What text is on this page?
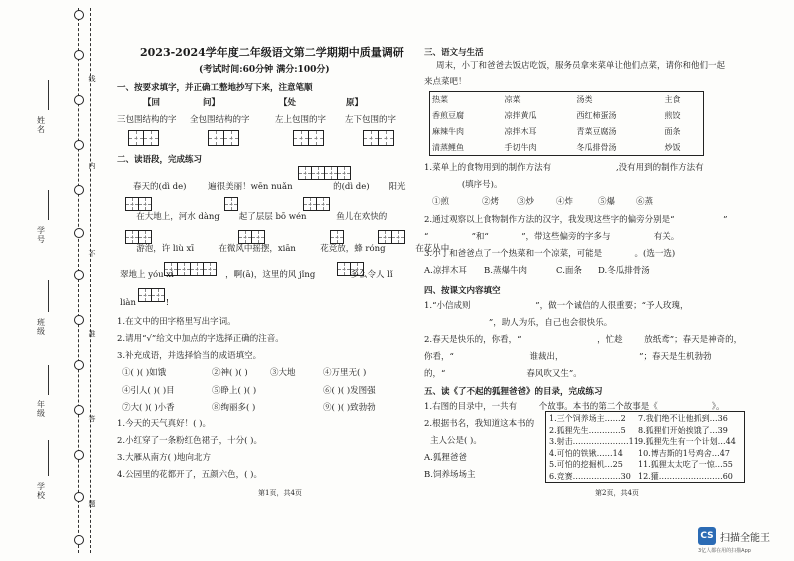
线
内
不
准
答
题
姓名
学号
班级
年级
学校
2023-2024学年度二年级语文第二学期期中质量调研
(考试时间:60分钟 满分:100分)
一、按要求填字，并正确工整地抄写下来，注意笔顺
【回	问】	【处	原】
三包围结构的字 全包围结构的字	左上包围的字 左下包围的字
二、读语段，完成练习
春天的(dì de)        遍很美丽！wēn nuǎn               的(dì de)       阳光
在大地上，河水 dàng       起了层层 bō wén           鱼儿在欢快的
游泡，许 liù xī         在微风中摇摆，xiān         花竞放，蜂 róng           在花丛中
翠地上 yóu xì                   ，啊(ā)，这里的风 jǐng             多么令人 lǐ
liàn           !
1.在文中的田字格里写出字词。
2.请用“√”给文中加点的字选择正确的注音。
3.补充成语，并选择恰当的成语填空。
①( )( )如饿	②神( )( )	③大地	④万里无( )
④引人( )( )目	⑤睁上( )( )	⑥( )( )发图强
⑦大( )( )小香	⑧绚丽多( )	⑨( )( )致勃勃
1.今天的天气真好！( )。
2.小红穿了一条粉红色裙子，十分( )。
3.大雁从南方( )地向北方
4.公园里的花都开了，五颜六色，( )。
第1页，共4页
三、语文与生活
周末，小丁和爸爸去饭店吃饭，服务员拿来菜单让他们点菜，请你和他们一起
来点菜吧！
热菜	凉菜	汤类	主食
香煎豆腐	凉拌黄瓜	西红柿蛋汤	煎饺
麻辣牛肉	凉拌木耳	青菜豆腐汤	面条
清蒸鲤鱼	手切牛肉	冬瓜排骨汤	炒饭
1.菜单上的食物用到的制作方法有                        ,没有用到的制作方法有
(填序号)。
①煎	②烤 ③炒	④炸	⑤爆 ⑥蒸
2.通过观察以上食物制作方法的汉字，我发现这些字的偏旁分别是“                  ”
“                ”和“            ”，带这些偏旁的字多与                有关。
3.小丁和爸爸点了一个热菜和一个凉菜，可能是            。(选一选)
A.凉拌木耳 B.蒸爆牛肉	C.面条 D.冬瓜排骨汤
四、按课文内容填空
1.“小信成则                        ”，做一个诚信的人很重要；“予人玫瑰，
”，助人为乐，自己也会很快乐。
2.春天是快乐的，你看，“                            ，忙趁        放纸鸢”；春天是神奇的，
你看，“                            谁裁出，                            ”；春天是生机勃勃
的，“                              春风吹又生”。
五、读《了不起的狐狸爸爸》的目录，完成练习
1.右图的目录中，一共有        个故事。本书的第二个故事是《                    》。
2.根据书名，我知道这本书的
主人公是( )。
A.狐狸爸爸
B.饲养场场主
1.三个饲养场主……2
2.狐狸先生…………5
3.射击…………………11
4.可怕的铁锹……14
5.可怕的挖掘机…25
6.竞赛………………30
7.我们绝不让他抓到…36
8.狐狸们开始挨饿了…39
9.狐狸先生有一个计划…44
10.博吉斯的1号鸡舍…47
11.狐狸太太吃了一惊…55
12.獾……………………60
第2页，共4页
CS 扫描全能王
3亿人都在用的扫描App
